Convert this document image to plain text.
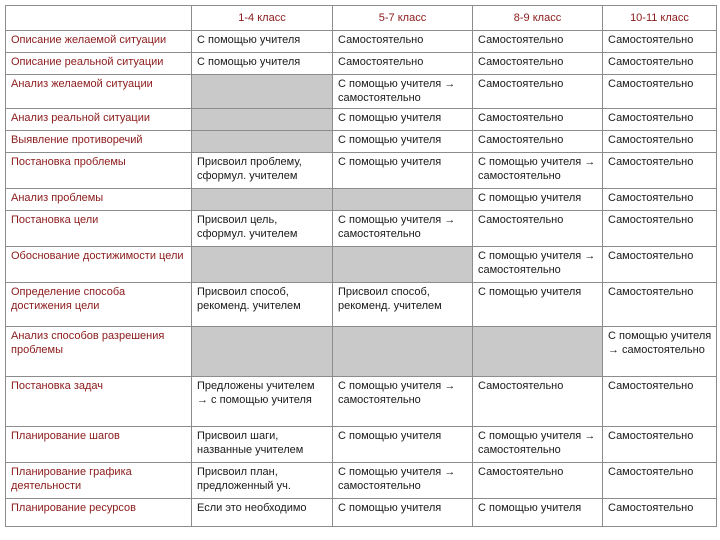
	1-4 класс	5-7 класс	8-9 класс	10-11 класс
Описание желаемой ситуации	С помощью учителя	Самостоятельно	Самостоятельно	Самостоятельно
Описание реальной ситуации	С помощью учителя	Самостоятельно	Самостоятельно	Самостоятельно
Анализ желаемой ситуации		С помощью учителя → самостоятельно	Самостоятельно	Самостоятельно
Анализ реальной ситуации		С помощью учителя	Самостоятельно	Самостоятельно
Выявление противоречий		С помощью учителя	Самостоятельно	Самостоятельно
Постановка проблемы	Присвоил проблему, сформул. учителем	С помощью учителя	С помощью учителя → самостоятельно	Самостоятельно
Анализ проблемы			С помощью учителя	Самостоятельно
Постановка цели	Присвоил цель, сформул. учителем	С помощью учителя → самостоятельно	Самостоятельно	Самостоятельно
Обоснование достижимости цели			С помощью учителя → самостоятельно	Самостоятельно
Определение способа достижения цели	Присвоил способ, рекоменд. учителем	Присвоил способ, рекоменд. учителем	С помощью учителя	Самостоятельно
Анализ способов разрешения проблемы				С помощью учителя → самостоятельно
Постановка задач	Предложены учителем → с помощью учителя	С помощью учителя → самостоятельно	Самостоятельно	Самостоятельно
Планирование шагов	Присвоил шаги, названные учителем	С помощью учителя	С помощью учителя → самостоятельно	Самостоятельно
Планирование графика деятельности	Присвоил план, предложенный уч.	С помощью учителя → самостоятельно	Самостоятельно	Самостоятельно
Планирование ресурсов	Если это необходимо	С помощью учителя	С помощью учителя	Самостоятельно
